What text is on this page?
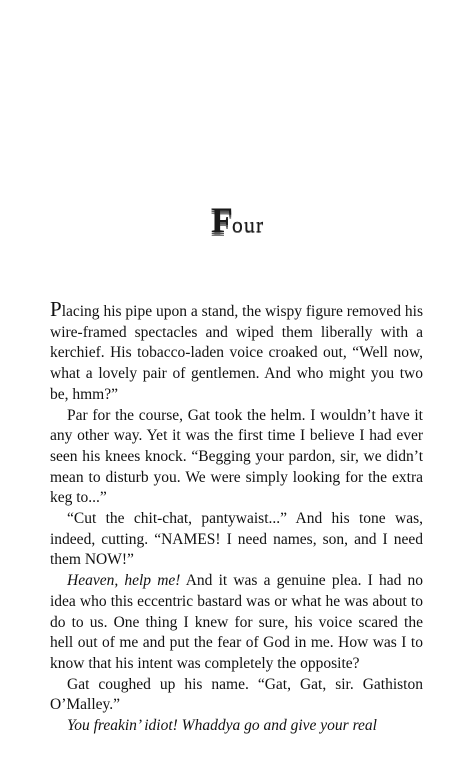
Four

Placing his pipe upon a stand, the wispy figure removed his wire-framed spectacles and wiped them liberally with a kerchief. His tobacco-laden voice croaked out, “Well now, what a lovely pair of gentlemen. And who might you two be, hmm?”

Par for the course, Gat took the helm. I wouldn’t have it any other way. Yet it was the first time I believe I had ever seen his knees knock. “Begging your pardon, sir, we didn’t mean to disturb you. We were simply looking for the extra keg to...”

“Cut the chit-chat, pantywaist...” And his tone was, indeed, cutting. “NAMES! I need names, son, and I need them NOW!”

Heaven, help me! And it was a genuine plea. I had no idea who this eccentric bastard was or what he was about to do to us. One thing I knew for sure, his voice scared the hell out of me and put the fear of God in me. How was I to know that his intent was completely the opposite?

Gat coughed up his name. “Gat, Gat, sir. Gathiston O’Malley.”

You freakin’ idiot! Whaddya go and give your real
